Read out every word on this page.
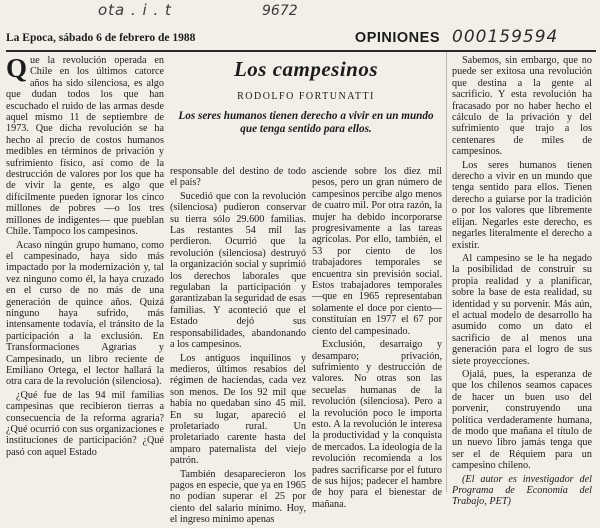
ota . i . t	9672
000159594
La Epoca, sábado 6 de febrero de 1988	OPINIONES

Que la revolución operada en Chile en los últimos catorce años ha sido silenciosa, es algo que dudan todos los que han escuchado el ruido de las armas desde aquel mismo 11 de septiembre de 1973. Que dicha revolución se ha hecho al precio de costos humanos medibles en términos de privación y sufrimiento físico, así como de la destrucción de valores por los que ha de vivir la gente, es algo que difícilmente pueden ignorar los cinco millones de pobres —o los tres millones de indigentes— que pueblan Chile. Tampoco los campesinos.

Acaso ningún grupo humano, como el campesinado, haya sido más impactado por la modernización y, tal vez ninguno como él, la haya cruzado en el curso de no más de una generación de quince años. Quizá ninguno haya sufrido, más intensamente todavía, el tránsito de la participación a la exclusión. En Transformaciones Agrarias y Campesinado, un libro reciente de Emiliano Ortega, el lector hallará la otra cara de la revolución (silenciosa).

¿Qué fue de las 94 mil familias campesinas que recibieron tierras a consecuencia de la reforma agraria? ¿Qué ocurrió con sus organizaciones e instituciones de participación? ¿Qué pasó con aquel Estado

Los campesinos
RODOLFO FORTUNATTI
Los seres humanos tienen derecho a vivir en un mundo que tenga sentido para ellos.

responsable del destino de todo el país?

Sucedió que con la revolución (silenciosa) pudieron conservar su tierra sólo 29.600 familias. Las restantes 54 mil las perdieron. Ocurrió que la revolución (silenciosa) destruyó la organización social y suprimió los derechos laborales que regulaban la participación y garantizaban la seguridad de esas familias. Y aconteció que el Estado dejó sus responsabilidades, abandonando a los campesinos.

Los antiguos inquilinos y medieros, últimos resabios del régimen de haciendas, cada vez son menos. De los 92 mil que había no quedaban sino 45 mil. En su lugar, apareció el proletariado rural. Un proletariado carente hasta del amparo paternalista del viejo patrón.

También desaparecieron los pagos en especie, que ya en 1965 no podían superar el 25 por ciento del salario mínimo. Hoy, el ingreso mínimo apenas

asciende sobre los diez mil pesos, pero un gran número de campesinos percibe algo menos de cuatro mil. Por otra razón, la mujer ha debido incorporarse progresivamente a las tareas agrícolas. Por ello, también, el 53 por ciento de los trabajadores temporales se encuentra sin previsión social. Estos trabajadores temporales —que en 1965 representaban solamente el doce por ciento— constituían en 1977 el 67 por ciento del campesinado.

Exclusión, desarraigo y desamparo; privación, sufrimiento y destrucción de valores. No otras son las secuelas humanas de la revolución (silenciosa). Pero a la revolución poco le importa esto. A la revolución le interesa la productividad y la conquista de mercados. La ideología de la revolución recomienda a los padres sacrificarse por el futuro de sus hijos; padecer el hambre de hoy para el bienestar de mañana.

Sabemos, sin embargo, que no puede ser exitosa una revolución que destina a la gente al sacrificio. Y esta revolución ha fracasado por no haber hecho el cálculo de la privación y del sufrimiento que trajo a los centenares de miles de campesinos.

Los seres humanos tienen derecho a vivir en un mundo que tenga sentido para ellos. Tienen derecho a guiarse por la tradición o por los valores que libremente elijan. Negarles este derecho, es negarles literalmente el derecho a existir.

Al campesino se le ha negado la posibilidad de construir su propia realidad y a planificar, sobre la base de esta realidad, su identidad y su porvenir. Más aún, el actual modelo de desarrollo ha asumido como un dato el sacrificio de al menos una generación para el logro de sus siete proyecciones.

Ojalá, pues, la esperanza de que los chilenos seamos capaces de hacer un buen uso del porvenir, construyendo una política verdaderamente humana, de modo que mañana el título de un nuevo libro jamás tenga que ser el de Réquiem para un campesino chileno.

(El autor es investigador del Programa de Economía del Trabajo, PET)
